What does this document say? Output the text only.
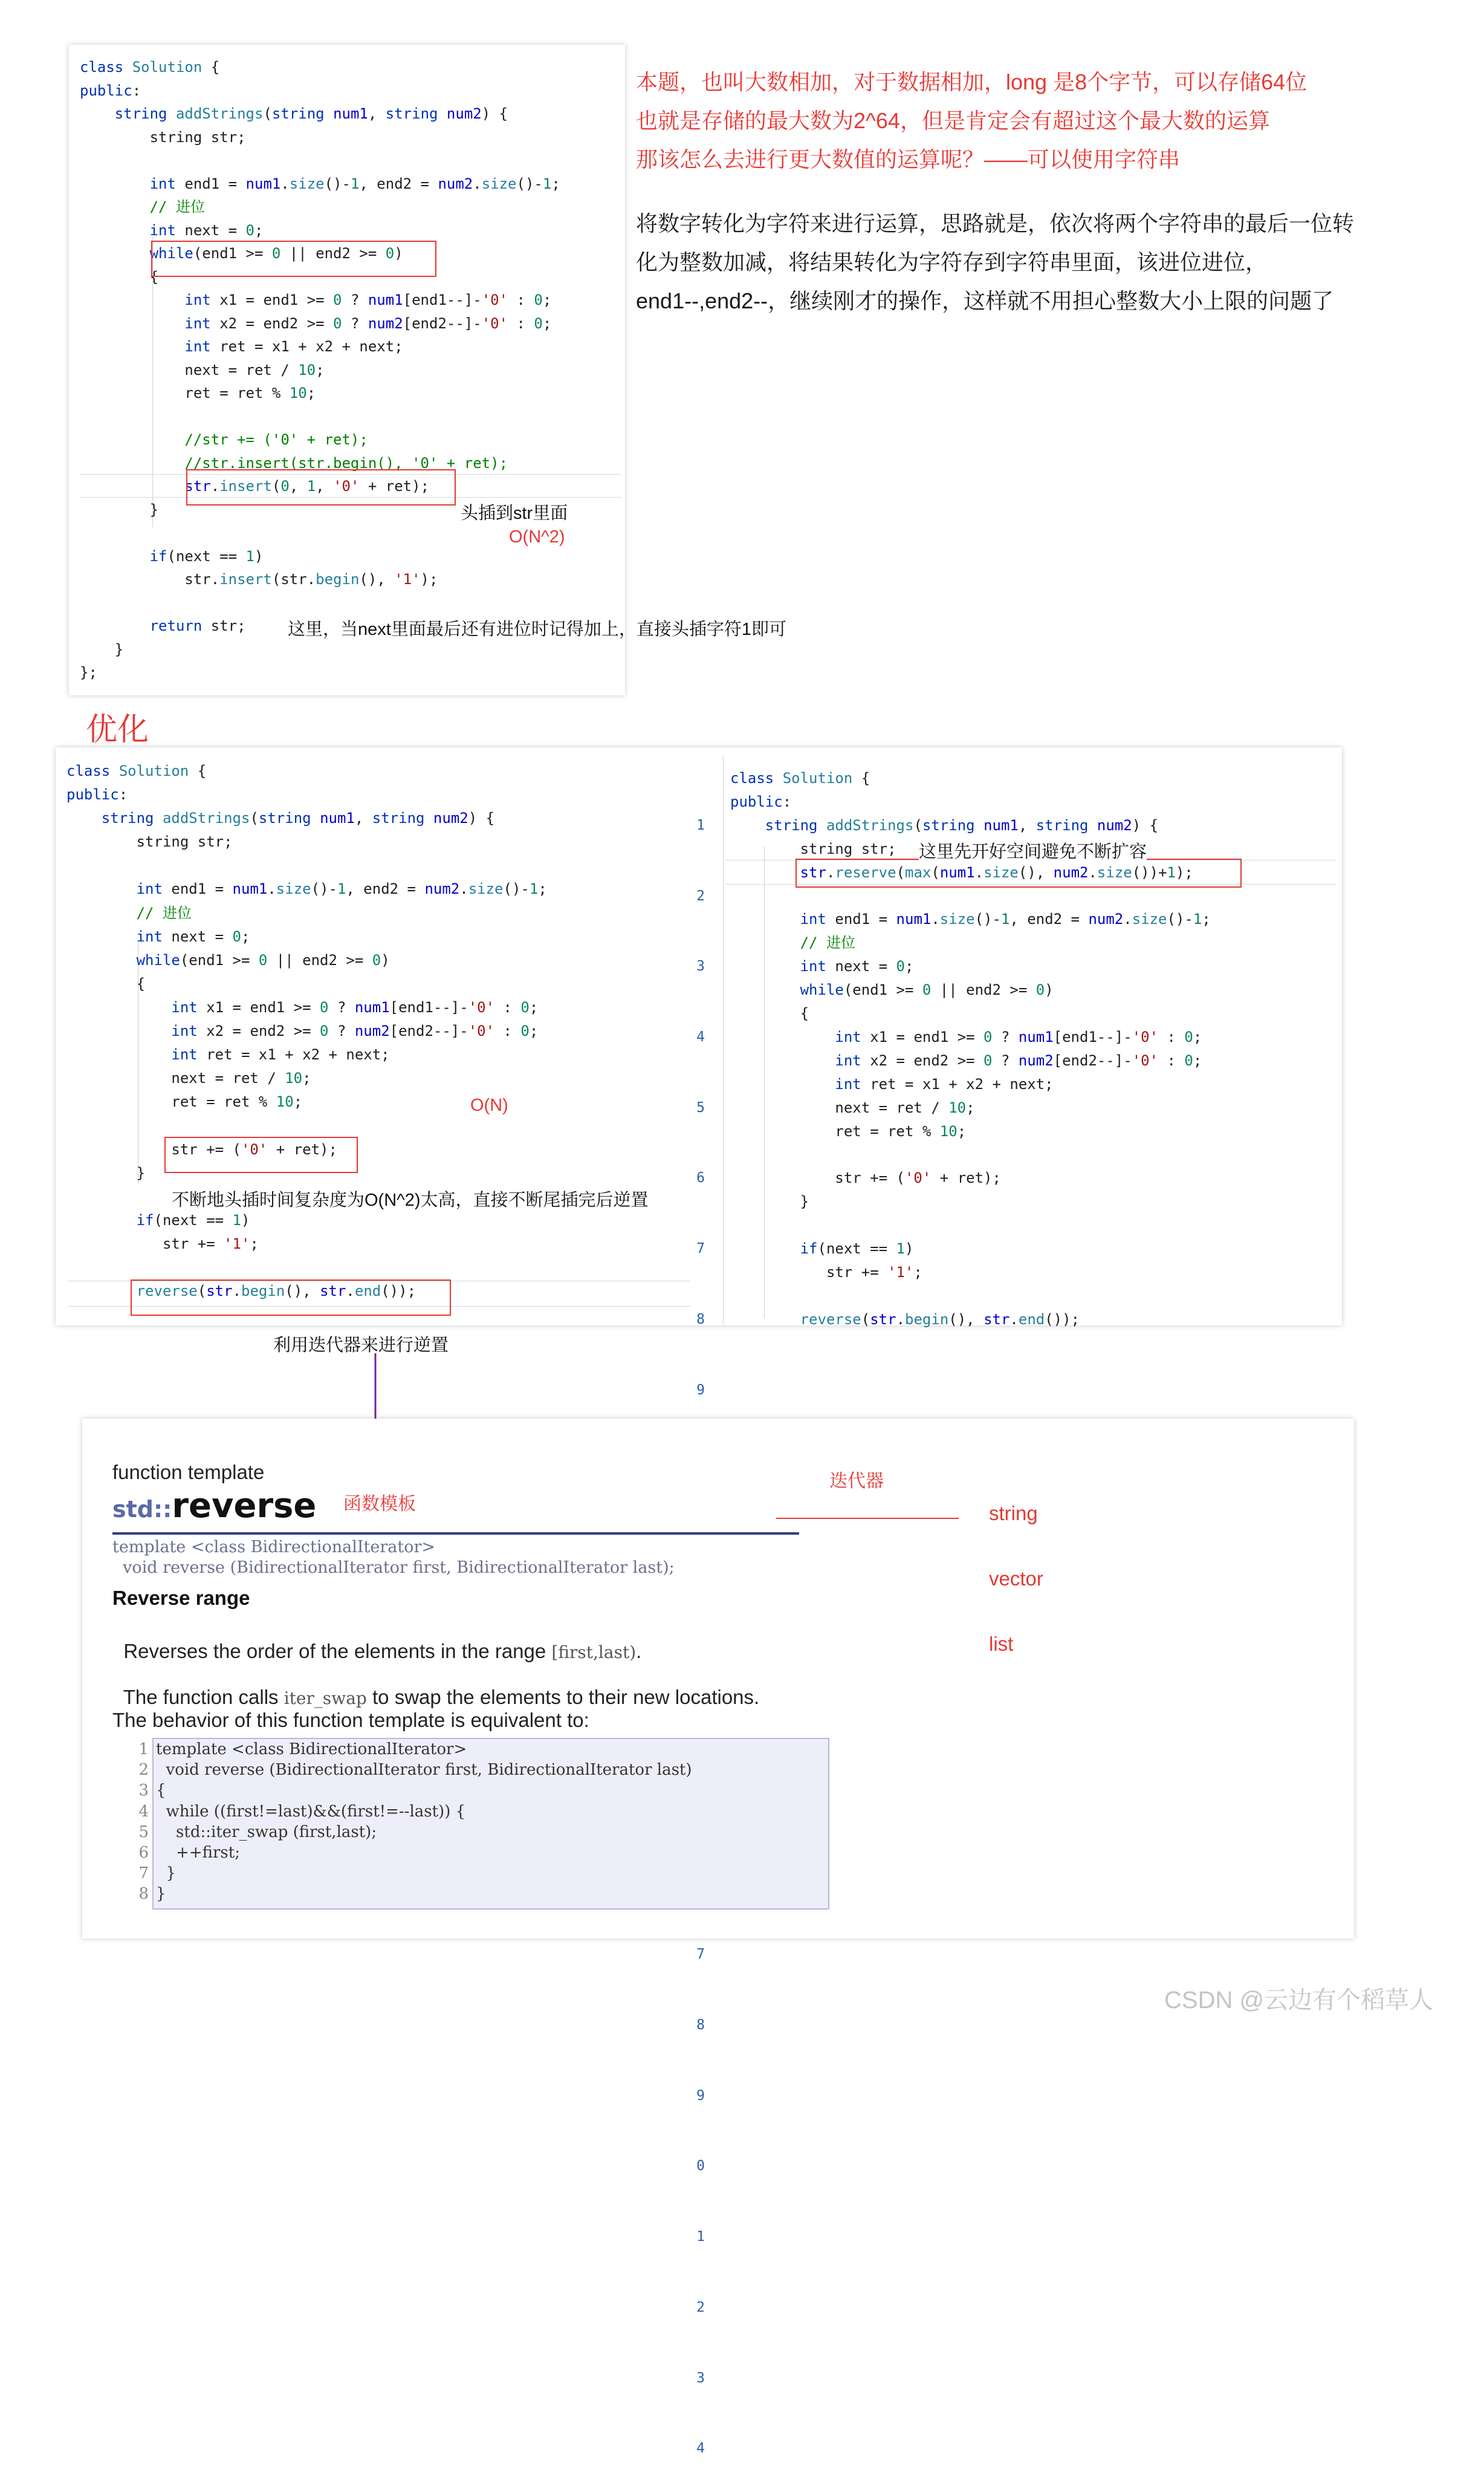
本题，也叫大数相加，对于数据相加，long 是8个字节，可以存储64位
也就是存储的最大数为2^64，但是肯定会有超过这个最大数的运算
那该怎么去进行更大数值的运算呢？——可以使用字符串
将数字转化为字符来进行运算，思路就是，依次将两个字符串的最后一位转
化为整数加减，将结果转化为字符存到字符串里面，该进位进位，
end1--,end2--，继续刚才的操作，这样就不用担心整数大小上限的问题了
class Solution {
public:
string addStrings(string num1, string num2) {
string str;

int end1 = num1.size()-1, end2 = num2.size()-1;
// 进位
int next = 0;
while(end1 >= 0 || end2 >= 0)
{
int x1 = end1 >= 0 ? num1[end1--]-'0' : 0;
int x2 = end2 >= 0 ? num2[end2--]-'0' : 0;
int ret = x1 + x2 + next;
next = ret / 10;
ret = ret % 10;

//str += ('0' + ret);
//str.insert(str.begin(), '0' + ret);
str.insert(0, 1, '0' + ret);
}

if(next == 1)
str.insert(str.begin(), '1');

return str;
}
};
头插到str里面
O(N^2)
这里，当next里面最后还有进位时记得加上，直接头插字符1即可
优化
class Solution {
public:
string addStrings(string num1, string num2) {
string str;

int end1 = num1.size()-1, end2 = num2.size()-1;
// 进位
int next = 0;
while(end1 >= 0 || end2 >= 0)
{
int x1 = end1 >= 0 ? num1[end1--]-'0' : 0;
int x2 = end2 >= 0 ? num2[end2--]-'0' : 0;
int ret = x1 + x2 + next;
next = ret / 10;
ret = ret % 10;

str += ('0' + ret);
}

if(next == 1)
str += '1';

reverse(str.begin(), str.end());
O(N)
不断地头插时间复杂度为O(N^2)太高，直接不断尾插完后逆置

1

2

3

4

5

6

7

8

9

7

8

9

0

1

2

3

4

class Solution {
public:
string addStrings(string num1, string num2) {
string str;
str.reserve(max(num1.size(), num2.size())+1);

int end1 = num1.size()-1, end2 = num2.size()-1;
// 进位
int next = 0;
while(end1 >= 0 || end2 >= 0)
{
int x1 = end1 >= 0 ? num1[end1--]-'0' : 0;
int x2 = end2 >= 0 ? num2[end2--]-'0' : 0;
int ret = x1 + x2 + next;
next = ret / 10;
ret = ret % 10;

str += ('0' + ret);
}

if(next == 1)
str += '1';

reverse(str.begin(), str.end());
这里先开好空间避免不断扩容
利用迭代器来进行逆置
function template
std::reverse 函数模板
迭代器
string
vector
list
template <class BidirectionalIterator>
void reverse (BidirectionalIterator first, BidirectionalIterator last);
Reverse range

Reverses the order of the elements in the range [first,last).

The function calls iter_swap to swap the elements to their new locations.

The behavior of this function template is equivalent to:
1
2
3
4
5
6
7
8
template <class BidirectionalIterator>
void reverse (BidirectionalIterator first, BidirectionalIterator last)
{
while ((first!=last)&&(first!=--last)) {
std::iter_swap (first,last);
++first;
}
}
CSDN @云边有个稻草人
